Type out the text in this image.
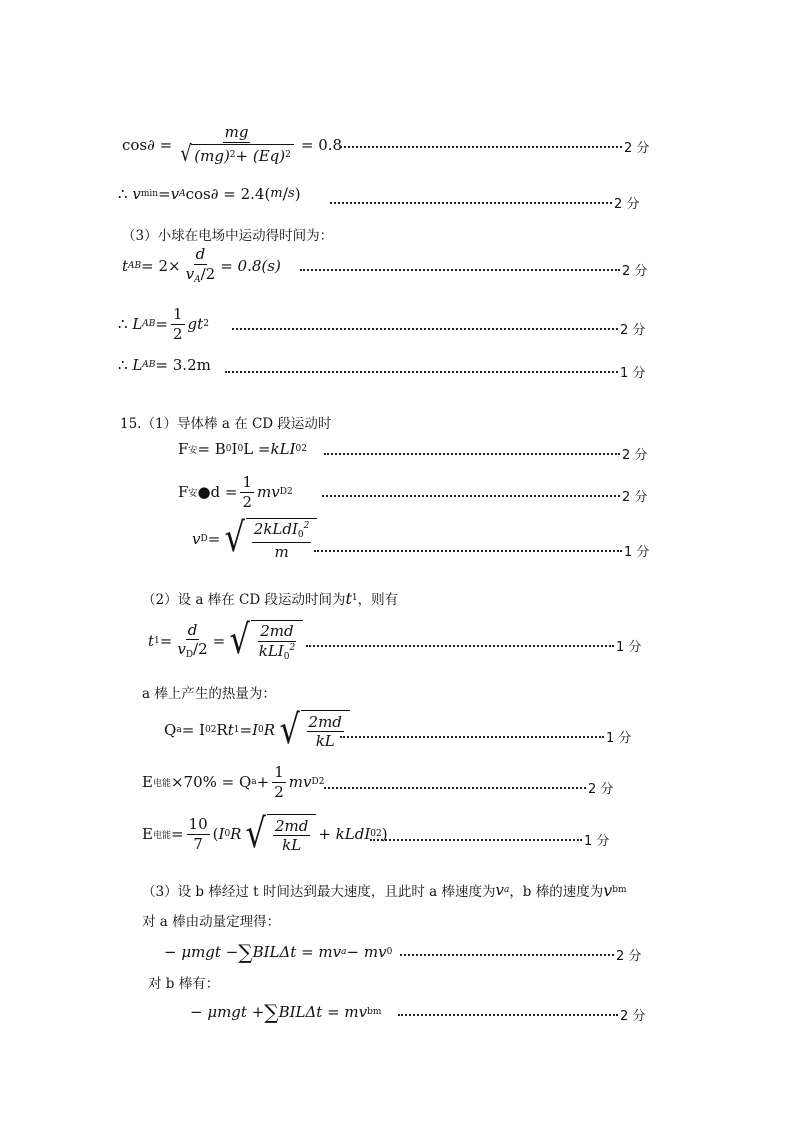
$\cos\partial = \frac{mg}{√ (mg) 2 + (Eq) 2} = 0.8$	2 分
∴
v min = v A cos∂ = 2.4( m / s )
2 分
（3）小球在电场中运动得时间为：
t AB = $2\times \frac{d}{v_A/2} = 0.8(s)$	2 分
∴
L AB = $\frac{1}{2}$ gt 2	2 分
∴
L AB = 3.2m	1 分
15.（1）导体棒 a 在 CD 段运动时
F 安 = B 0 I 0 L = kLI 0 2	2 分
F 安 ●d = $\frac{1}{2}$ mv D 2	2 分
v D = √ $\frac{2kLdI_0^2}{m}$	1 分
（2）设 a 棒在 CD 段运动时间为 t 1 ，则有
t $1 = \frac{d}{v_D/2}$ = √ $\frac{2md}{kLI_0^2}$	1 分
a 棒上产生的热量为：
Q a = I 0 2 R t 1 = I 0 R √ $\frac{2md}{kL}$	1 分
E 电能 ×70% = Q $a + \frac{1}{2}$ mv D 2	2 分
E 电能 = $\frac{10}{7}$ ( I 0 R √ $\frac{2md}{kL}$ + kLdI 0 2 )	1 分
（3）设 b 棒经过 t 时间达到最大速度，且此时 a 棒速度为 v a ，b 棒的速度为 v bm
对 a 棒由动量定理得：
− μmgt − ∑ BILΔt = mv a − mv 0	2 分
对 b 棒有：
− μmgt + ∑ BILΔt = mv bm	2 分
